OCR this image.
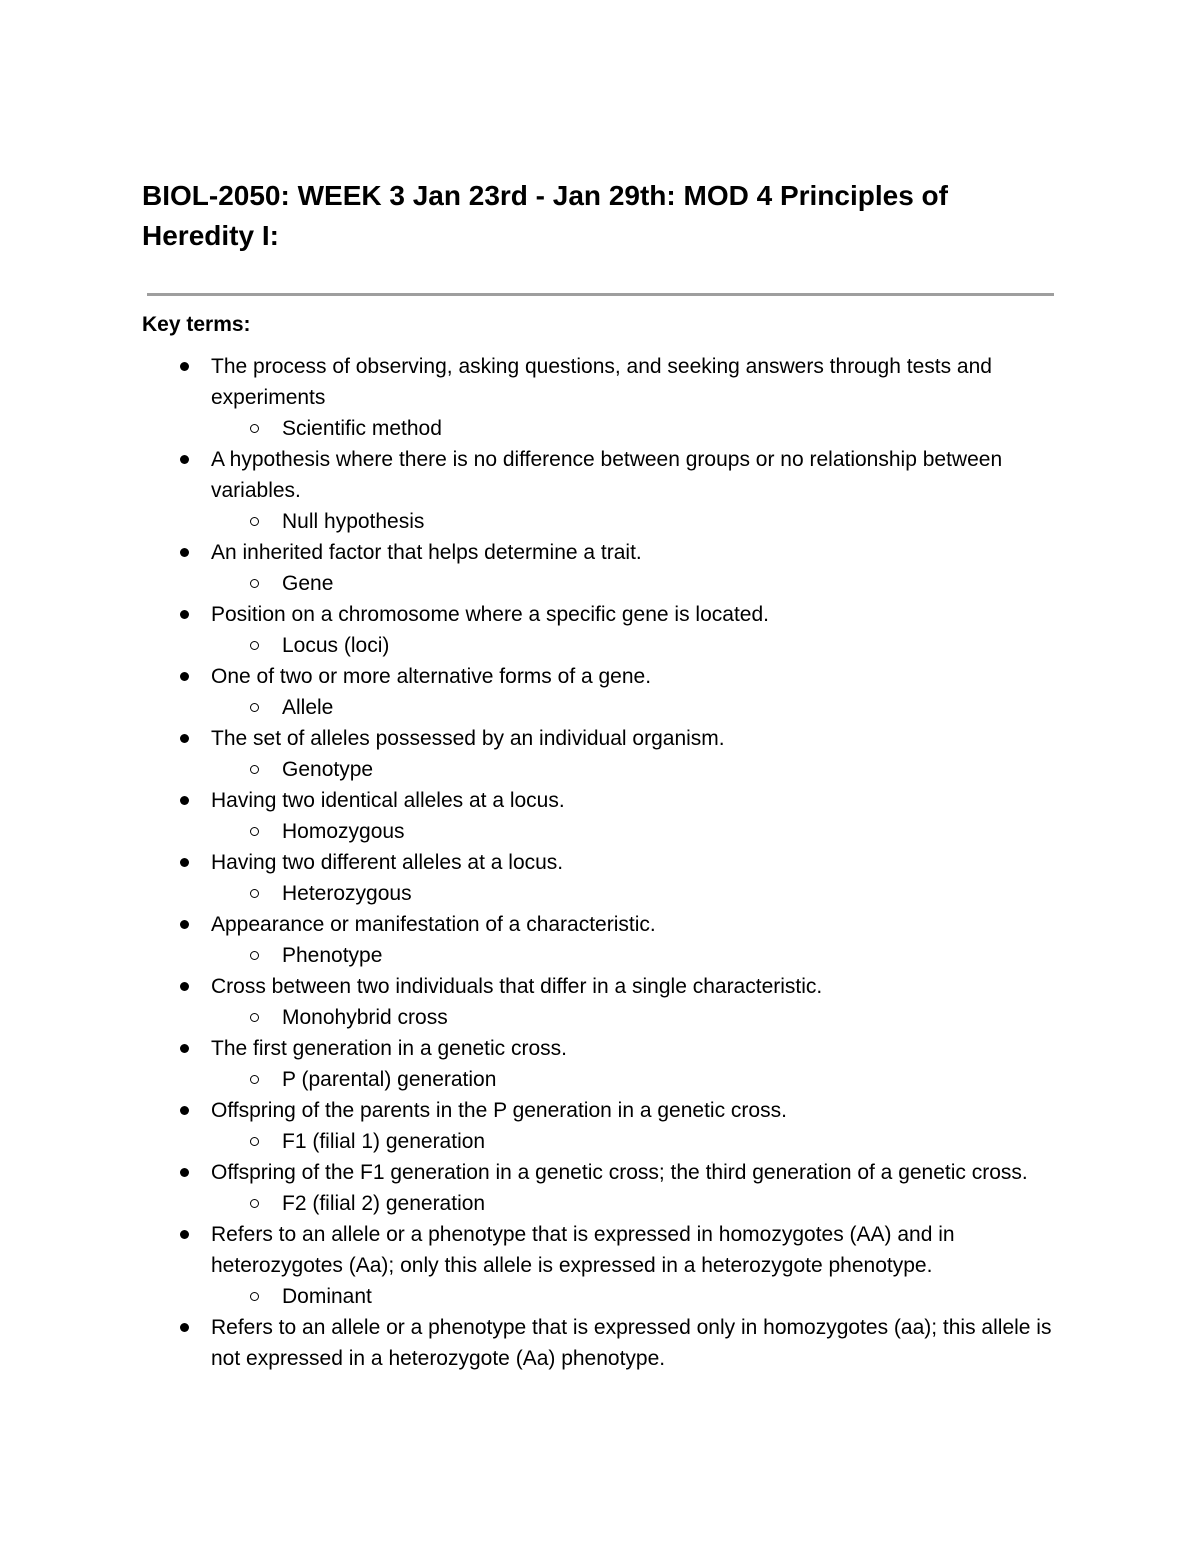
BIOL-2050: WEEK 3 Jan 23rd - Jan 29th: MOD 4 Principles of Heredity I:
Key terms:
The process of observing, asking questions, and seeking answers through tests and experiments
Scientific method
A hypothesis where there is no difference between groups or no relationship between variables.
Null hypothesis
An inherited factor that helps determine a trait.
Gene
Position on a chromosome where a specific gene is located.
Locus (loci)
One of two or more alternative forms of a gene.
Allele
The set of alleles possessed by an individual organism.
Genotype
Having two identical alleles at a locus.
Homozygous
Having two different alleles at a locus.
Heterozygous
Appearance or manifestation of a characteristic.
Phenotype
Cross between two individuals that differ in a single characteristic.
Monohybrid cross
The first generation in a genetic cross.
P (parental) generation
Offspring of the parents in the P generation in a genetic cross.
F1 (filial 1) generation
Offspring of the F1 generation in a genetic cross; the third generation of a genetic cross.
F2 (filial 2) generation
Refers to an allele or a phenotype that is expressed in homozygotes (AA) and in heterozygotes (Aa); only this allele is expressed in a heterozygote phenotype.
Dominant
Refers to an allele or a phenotype that is expressed only in homozygotes (aa); this allele is not expressed in a heterozygote (Aa) phenotype.
